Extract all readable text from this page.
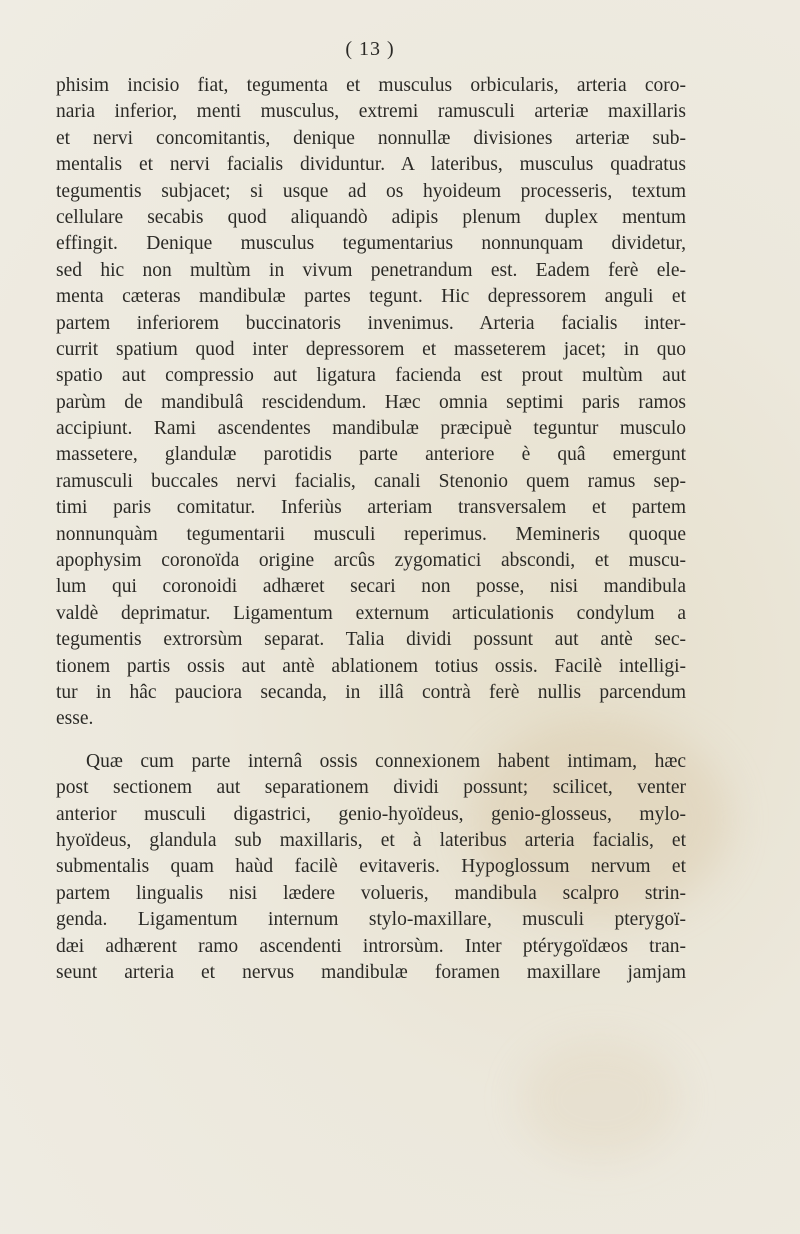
( 13 )
phisim incisio fiat, tegumenta et musculus orbicularis, arteria coro-
naria inferior, menti musculus, extremi ramusculi arteriæ maxillaris
et nervi concomitantis, denique nonnullæ divisiones arteriæ sub-
mentalis et nervi facialis dividuntur. A lateribus, musculus quadratus
tegumentis subjacet; si usque ad os hyoideum processeris, textum
cellulare secabis quod aliquandò adipis plenum duplex mentum
effingit. Denique musculus tegumentarius nonnunquam dividetur,
sed hic non multùm in vivum penetrandum est. Eadem ferè ele-
menta cæteras mandibulæ partes tegunt. Hic depressorem anguli et
partem inferiorem buccinatoris invenimus. Arteria facialis inter-
currit spatium quod inter depressorem et masseterem jacet; in quo
spatio aut compressio aut ligatura facienda est prout multùm aut
parùm de mandibulâ rescidendum. Hæc omnia septimi paris ramos
accipiunt. Rami ascendentes mandibulæ præcipuè teguntur musculo
massetere, glandulæ parotidis parte anteriore è quâ emergunt
ramusculi buccales nervi facialis, canali Stenonio quem ramus sep-
timi paris comitatur. Inferiùs arteriam transversalem et partem
nonnunquàm tegumentarii musculi reperimus. Memineris quoque
apophysim coronoïda origine arcûs zygomatici abscondi, et muscu-
lum qui coronoidi adhæret secari non posse, nisi mandibula
valdè deprimatur. Ligamentum externum articulationis condylum a
tegumentis extrorsùm separat. Talia dividi possunt aut antè sec-
tionem partis ossis aut antè ablationem totius ossis. Facilè intelligi-
tur in hâc pauciora secanda, in illâ contrà ferè nullis parcendum
esse.
Quæ cum parte internâ ossis connexionem habent intimam, hæc
post sectionem aut separationem dividi possunt; scilicet, venter
anterior musculi digastrici, genio-hyoïdeus, genio-glosseus, mylo-
hyoïdeus, glandula sub maxillaris, et à lateribus arteria facialis, et
submentalis quam haùd facilè evitaveris. Hypoglossum nervum et
partem lingualis nisi lædere volueris, mandibula scalpro strin-
genda. Ligamentum internum stylo-maxillare, musculi pterygoï-
dæi adhærent ramo ascendenti introrsùm. Inter ptérygoïdæos tran-
seunt arteria et nervus mandibulæ foramen maxillare jamjam
